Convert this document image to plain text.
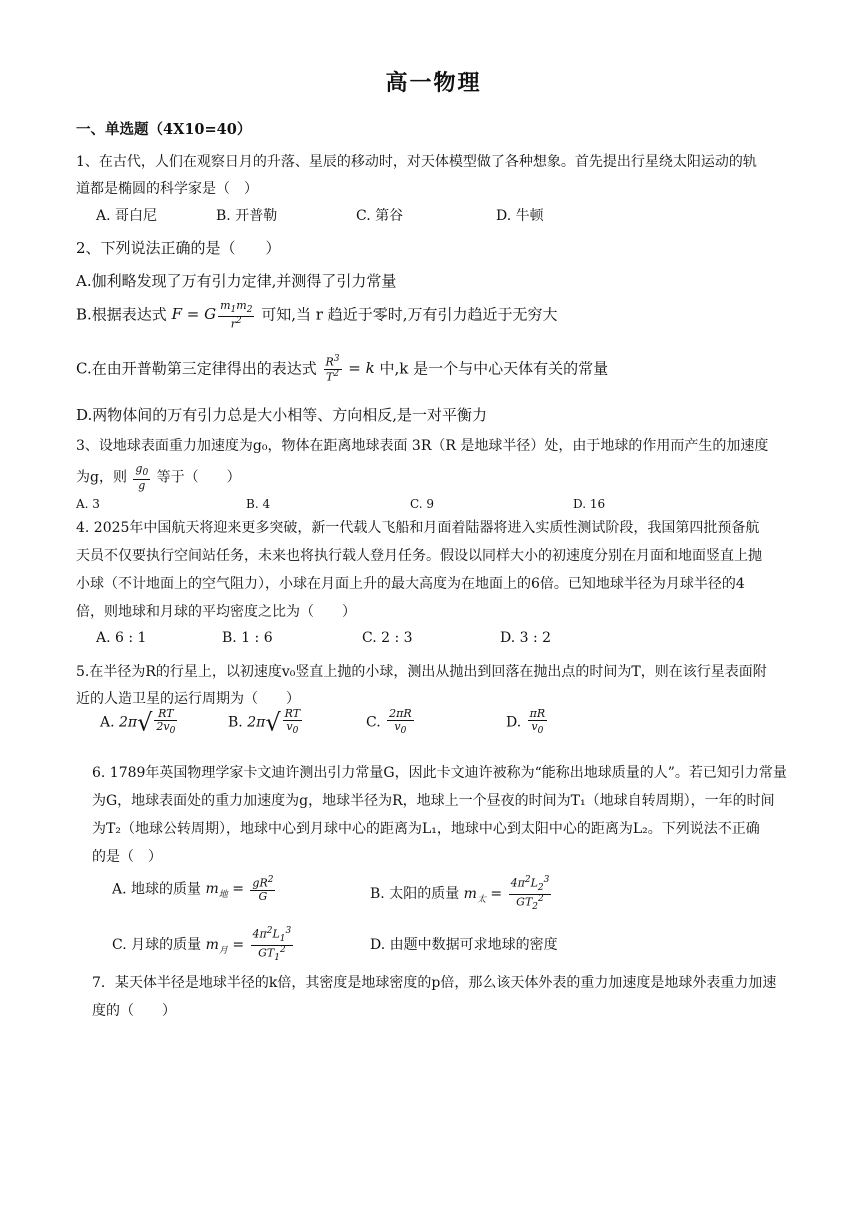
高一物理
一、单选题（4X10=40）
1、在古代，人们在观察日月的升落、星辰的移动时，对天体模型做了各种想象。首先提出行星绕太阳运动的轨
道都是椭圆的科学家是（　）
A. 哥白尼	B. 开普勒	C. 第谷	D. 牛顿
2、下列说法正确的是（　　）
A.伽利略发现了万有引力定律,并测得了引力常量
B.根据表达式 F = G $\frac{m_1m_2}{r^2}$ 可知,当 r 趋近于零时,万有引力趋近于无穷大
C.在由开普勒第三定律得出的表达式 $\frac{R^3}{T^2} = k$ 中,k 是一个与中心天体有关的常量
D.两物体间的万有引力总是大小相等、方向相反,是一对平衡力
3、设地球表面重力加速度为g₀，物体在距离地球表面 3R（R 是地球半径）处，由于地球的作用而产生的加速度
为g，则 $\frac{g_0}{g}$ 等于（　　）
A. 3	B. 4	C. 9	D. 16
4. 2025年中国航天将迎来更多突破，新一代载人飞船和月面着陆器将进入实质性测试阶段，我国第四批预备航
天员不仅要执行空间站任务，未来也将执行载人登月任务。假设以同样大小的初速度分别在月面和地面竖直上抛
小球（不计地面上的空气阻力），小球在月面上升的最大高度为在地面上的6倍。已知地球半径为月球半径的4
倍，则地球和月球的平均密度之比为（　　）
A. 6 : 1	B. 1 : 6	C. 2 : 3	D. 3 : 2
5.在半径为R的行星上，以初速度v₀竖直上抛的小球，测出从抛出到回落在抛出点的时间为T，则在该行星表面附
近的人造卫星的运行周期为（　　）
A. $2\pi√ \frac{RT}{2v_0}$	B. $2\pi√ \frac{RT}{v_0}$	C. $\frac{2\pi R}{v_0}$	D. $\frac{\pi R}{v_0}$
6. 1789年英国物理学家卡文迪许测出引力常量G，因此卡文迪许被称为“能称出地球质量的人”。若已知引力常量
为G，地球表面处的重力加速度为g，地球半径为R，地球上一个昼夜的时间为T₁（地球自转周期），一年的时间
为T₂（地球公转周期），地球中心到月球中心的距离为L₁，地球中心到太阳中心的距离为L₂。下列说法不正确
的是（　）
A. 地球的质量 $m_地 = \frac{gR^2}{G}$	B. 太阳的质量 $m_太 = \frac{4\pi^2L_2^3}{GT_2^2}$
C. 月球的质量 $m_月 = \frac{4\pi^2L_1^3}{GT_1^2}$	D. 由题中数据可求地球的密度
7．某天体半径是地球半径的k倍，其密度是地球密度的p倍，那么该天体外表的重力加速度是地球外表重力加速
度的（　　）
